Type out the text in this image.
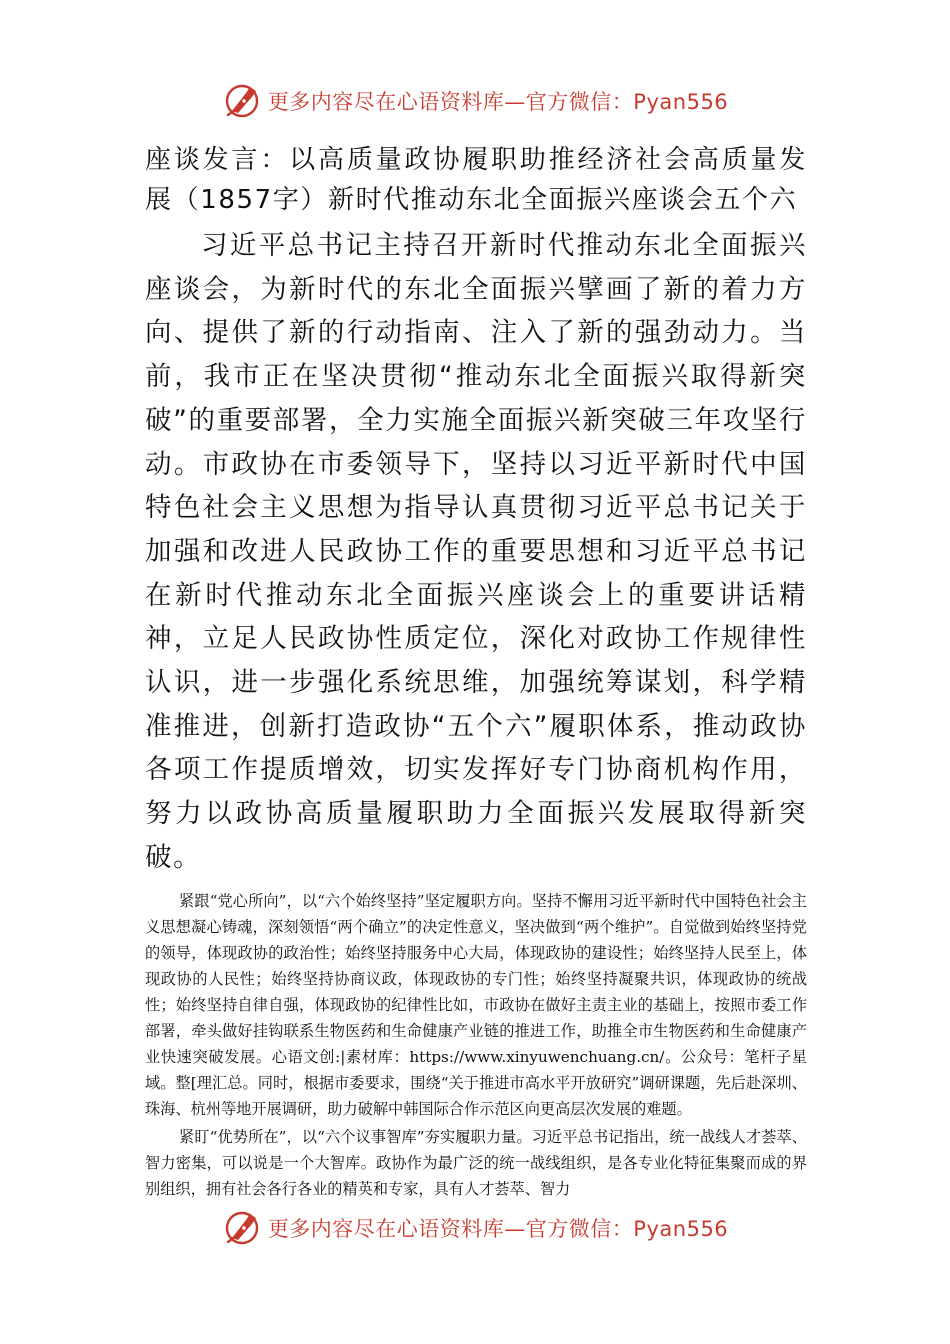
更多内容尽在心语资料库—官方微信：Pyan556

座谈发言：以高质量政协履职助推经济社会高质量发展（1857字）新时代推动东北全面振兴座谈会五个六

习近平总书记主持召开新时代推动东北全面振兴座谈会，为新时代的东北全面振兴擘画了新的着力方向、提供了新的行动指南、注入了新的强劲动力。当前，我市正在坚决贯彻“推动东北全面振兴取得新突破”的重要部署，全力实施全面振兴新突破三年攻坚行动。市政协在市委领导下，坚持以习近平新时代中国特色社会主义思想为指导认真贯彻习近平总书记关于加强和改进人民政协工作的重要思想和习近平总书记在新时代推动东北全面振兴座谈会上的重要讲话精神，立足人民政协性质定位，深化对政协工作规律性认识，进一步强化系统思维，加强统筹谋划，科学精准推进，创新打造政协“五个六”履职体系，推动政协各项工作提质增效，切实发挥好专门协商机构作用，努力以政协高质量履职助力全面振兴发展取得新突破。

紧跟“党心所向”，以“六个始终坚持”坚定履职方向。坚持不懈用习近平新时代中国特色社会主义思想凝心铸魂，深刻领悟“两个确立”的决定性意义，坚决做到“两个维护”。自觉做到始终坚持党的领导，体现政协的政治性；始终坚持服务中心大局，体现政协的建设性；始终坚持人民至上，体现政协的人民性；始终坚持协商议政，体现政协的专门性；始终坚持凝聚共识，体现政协的统战性；始终坚持自律自强，体现政协的纪律性比如，市政协在做好主责主业的基础上，按照市委工作部署，牵头做好挂钩联系生物医药和生命健康产业链的推进工作，助推全市生物医药和生命健康产业快速突破发展。心语文创:|素材库：https://www.xinyuwenchuang.cn/。公众号：笔杆子星域。整[理汇总。同时，根据市委要求，围绕“关于推进市高水平开放研究”调研课题，先后赴深圳、珠海、杭州等地开展调研，助力破解中韩国际合作示范区向更高层次发展的难题。

紧盯“优势所在”，以“六个议事智库”夯实履职力量。习近平总书记指出，统一战线人才荟萃、智力密集，可以说是一个大智库。政协作为最广泛的统一战线组织，是各专业化特征集聚而成的界别组织，拥有社会各行各业的精英和专家，具有人才荟萃、智力

更多内容尽在心语资料库—官方微信：Pyan556
